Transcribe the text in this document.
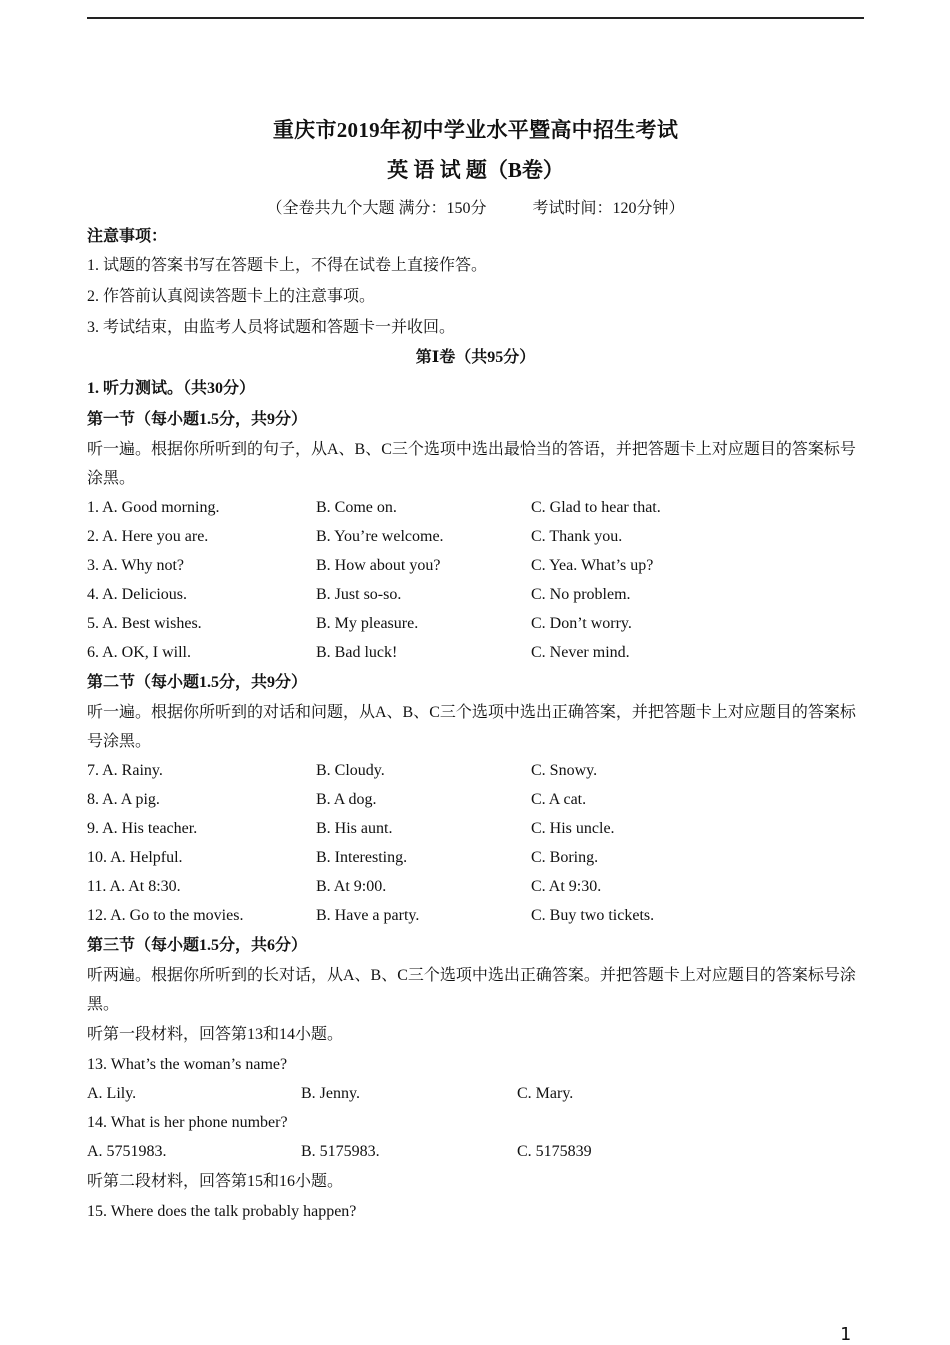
重庆市2019年初中学业水平暨高中招生考试
英 语 试 题（B卷）
（全卷共九个大题 满分：150分	考试时间：120分钟）
注意事项：
1. 试题的答案书写在答题卡上，不得在试卷上直接作答。
2. 作答前认真阅读答题卡上的注意事项。
3. 考试结束，由监考人员将试题和答题卡一并收回。
第Ⅰ卷（共95分）
1. 听力测试。（共30分）
第一节（每小题1.5分，共9分）
听一遍。根据你所听到的句子，从A、B、C三个选项中选出最恰当的答语，并把答题卡上对应题目的答案标号涂黑。
1. A. Good morning.	B. Come on.	C. Glad to hear that.
2. A. Here you are.	B. You’re welcome.	C. Thank you.
3. A. Why not?	B. How about you?	C. Yea. What’s up?
4. A. Delicious.	B. Just so-so.	C. No problem.
5. A. Best wishes.	B. My pleasure.	C. Don’t worry.
6. A. OK, I will.	B. Bad luck!	C. Never mind.
第二节（每小题1.5分，共9分）
听一遍。根据你所听到的对话和问题，从A、B、C三个选项中选出正确答案，并把答题卡上对应题目的答案标号涂黑。
7. A. Rainy.	B. Cloudy.	C. Snowy.
8. A. A pig.	B. A dog.	C. A cat.
9. A. His teacher.	B. His aunt.	C. His uncle.
10. A. Helpful.	B. Interesting.	C. Boring.
11. A. At 8:30.	B. At 9:00.	C. At 9:30.
12. A. Go to the movies.	B. Have a party.	C. Buy two tickets.
第三节（每小题1.5分，共6分）
听两遍。根据你所听到的长对话，从A、B、C三个选项中选出正确答案。并把答题卡上对应题目的答案标号涂黑。
听第一段材料，回答第13和14小题。
13. What’s the woman’s name?
A. Lily.	B. Jenny.	C. Mary.
14. What is her phone number?
A. 5751983.	B. 5175983.	C. 5175839
听第二段材料，回答第15和16小题。
15. Where does the talk probably happen?
1
